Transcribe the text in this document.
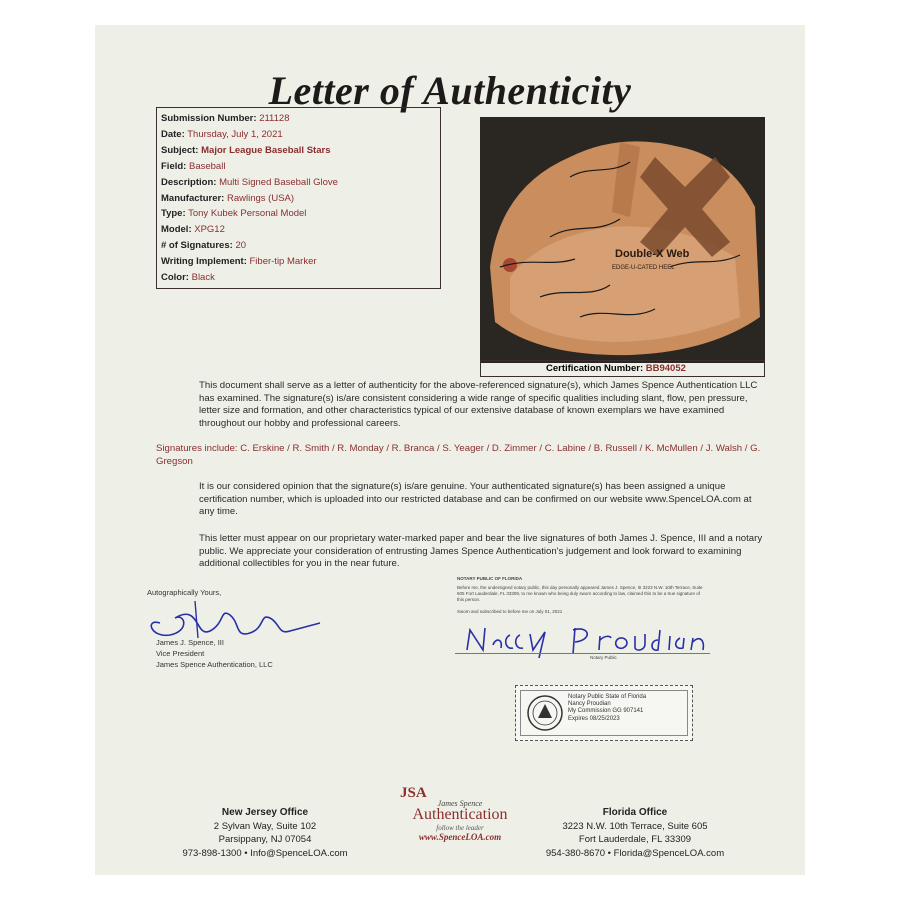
Letter of Authenticity
Submission Number: 211128
Date: Thursday, July 1, 2021
Subject: Major League Baseball Stars
Field: Baseball
Description: Multi Signed Baseball Glove
Manufacturer: Rawlings (USA)
Type: Tony Kubek Personal Model
Model: XPG12
# of Signatures: 20
Writing Implement: Fiber-tip Marker
Color: Black
Double-X Web
EDGE-U-CATED HEEL
Certification Number: BB94052
This document shall serve as a letter of authenticity for the above-referenced signature(s), which James Spence Authentication LLC has examined. The signature(s) is/are consistent considering a wide range of specific qualities including slant, flow, pen pressure, letter size and formation, and other characteristics typical of our extensive database of known exemplars we have examined throughout our hobby and professional careers.
Signatures include: C. Erskine / R. Smith / R. Monday / R. Branca / S. Yeager / D. Zimmer / C. Labine / B. Russell / K. McMullen / J. Walsh / G. Gregson
It is our considered opinion that the signature(s) is/are genuine. Your authenticated signature(s) has been assigned a unique certification number, which is uploaded into our restricted database and can be confirmed on our website www.SpenceLOA.com at any time.
This letter must appear on our proprietary water-marked paper and bear the live signatures of both James J. Spence, III and a notary public. We appreciate your consideration of entrusting James Spence Authentication's judgement and look forward to examining additional collectibles for you in the near future.
Autographically Yours,
James J. Spence, III
Vice President
James Spence Authentication, LLC
NOTARY PUBLIC OF FLORIDA
Before me, the undersigned notary public, this day personally appeared James J. Spence, III 3223 N.W. 10th Terrace, Suite 605 Fort Lauderdale, FL 33309, to me known who being duly sworn according to law, claimed this to be a true signature of this person.
Sworn and subscribed to before me on July 01, 2021
Notary Public
Notary Public State of Florida
Nancy Proudian
My Commission GG 907141
Expires 08/25/2023
New Jersey Office
2 Sylvan Way, Suite 102
Parsippany, NJ 07054
973-898-1300 • Info@SpenceLOA.com
JSA
James Spence
Authentication
follow the leader
www.SpenceLOA.com
Florida Office
3223 N.W. 10th Terrace, Suite 605
Fort Lauderdale, FL 33309
954-380-8670 • Florida@SpenceLOA.com
